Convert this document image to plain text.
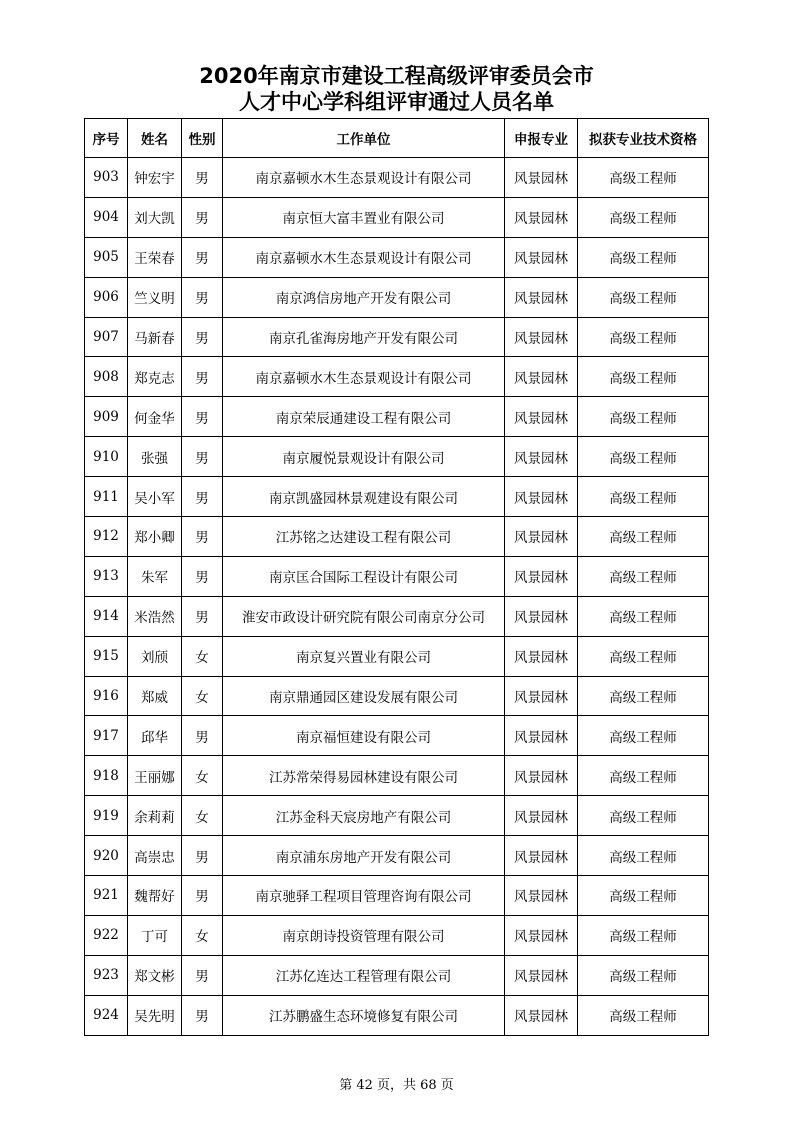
2020年南京市建设工程高级评审委员会市
人才中心学科组评审通过人员名单
序号	姓名	性别	工作单位	申报专业	拟获专业技术资格
903	钟宏宇	男	南京嘉顿水木生态景观设计有限公司	风景园林	高级工程师
904	刘大凯	男	南京恒大富丰置业有限公司	风景园林	高级工程师
905	王荣春	男	南京嘉顿水木生态景观设计有限公司	风景园林	高级工程师
906	竺义明	男	南京鸿信房地产开发有限公司	风景园林	高级工程师
907	马新春	男	南京孔雀海房地产开发有限公司	风景园林	高级工程师
908	郑克志	男	南京嘉顿水木生态景观设计有限公司	风景园林	高级工程师
909	何金华	男	南京荣辰通建设工程有限公司	风景园林	高级工程师
910	张强	男	南京履悦景观设计有限公司	风景园林	高级工程师
911	吴小军	男	南京凯盛园林景观建设有限公司	风景园林	高级工程师
912	郑小卿	男	江苏铭之达建设工程有限公司	风景园林	高级工程师
913	朱军	男	南京匡合国际工程设计有限公司	风景园林	高级工程师
914	米浩然	男	淮安市政设计研究院有限公司南京分公司	风景园林	高级工程师
915	刘颀	女	南京复兴置业有限公司	风景园林	高级工程师
916	郑威	女	南京鼎通园区建设发展有限公司	风景园林	高级工程师
917	邱华	男	南京福恒建设有限公司	风景园林	高级工程师
918	王丽娜	女	江苏常荣得易园林建设有限公司	风景园林	高级工程师
919	余莉莉	女	江苏金科天宸房地产有限公司	风景园林	高级工程师
920	高崇忠	男	南京浦东房地产开发有限公司	风景园林	高级工程师
921	魏帮好	男	南京驰驿工程项目管理咨询有限公司	风景园林	高级工程师
922	丁可	女	南京朗诗投资管理有限公司	风景园林	高级工程师
923	郑文彬	男	江苏亿连达工程管理有限公司	风景园林	高级工程师
924	吴先明	男	江苏鹏盛生态环境修复有限公司	风景园林	高级工程师
第 42 页，共 68 页
